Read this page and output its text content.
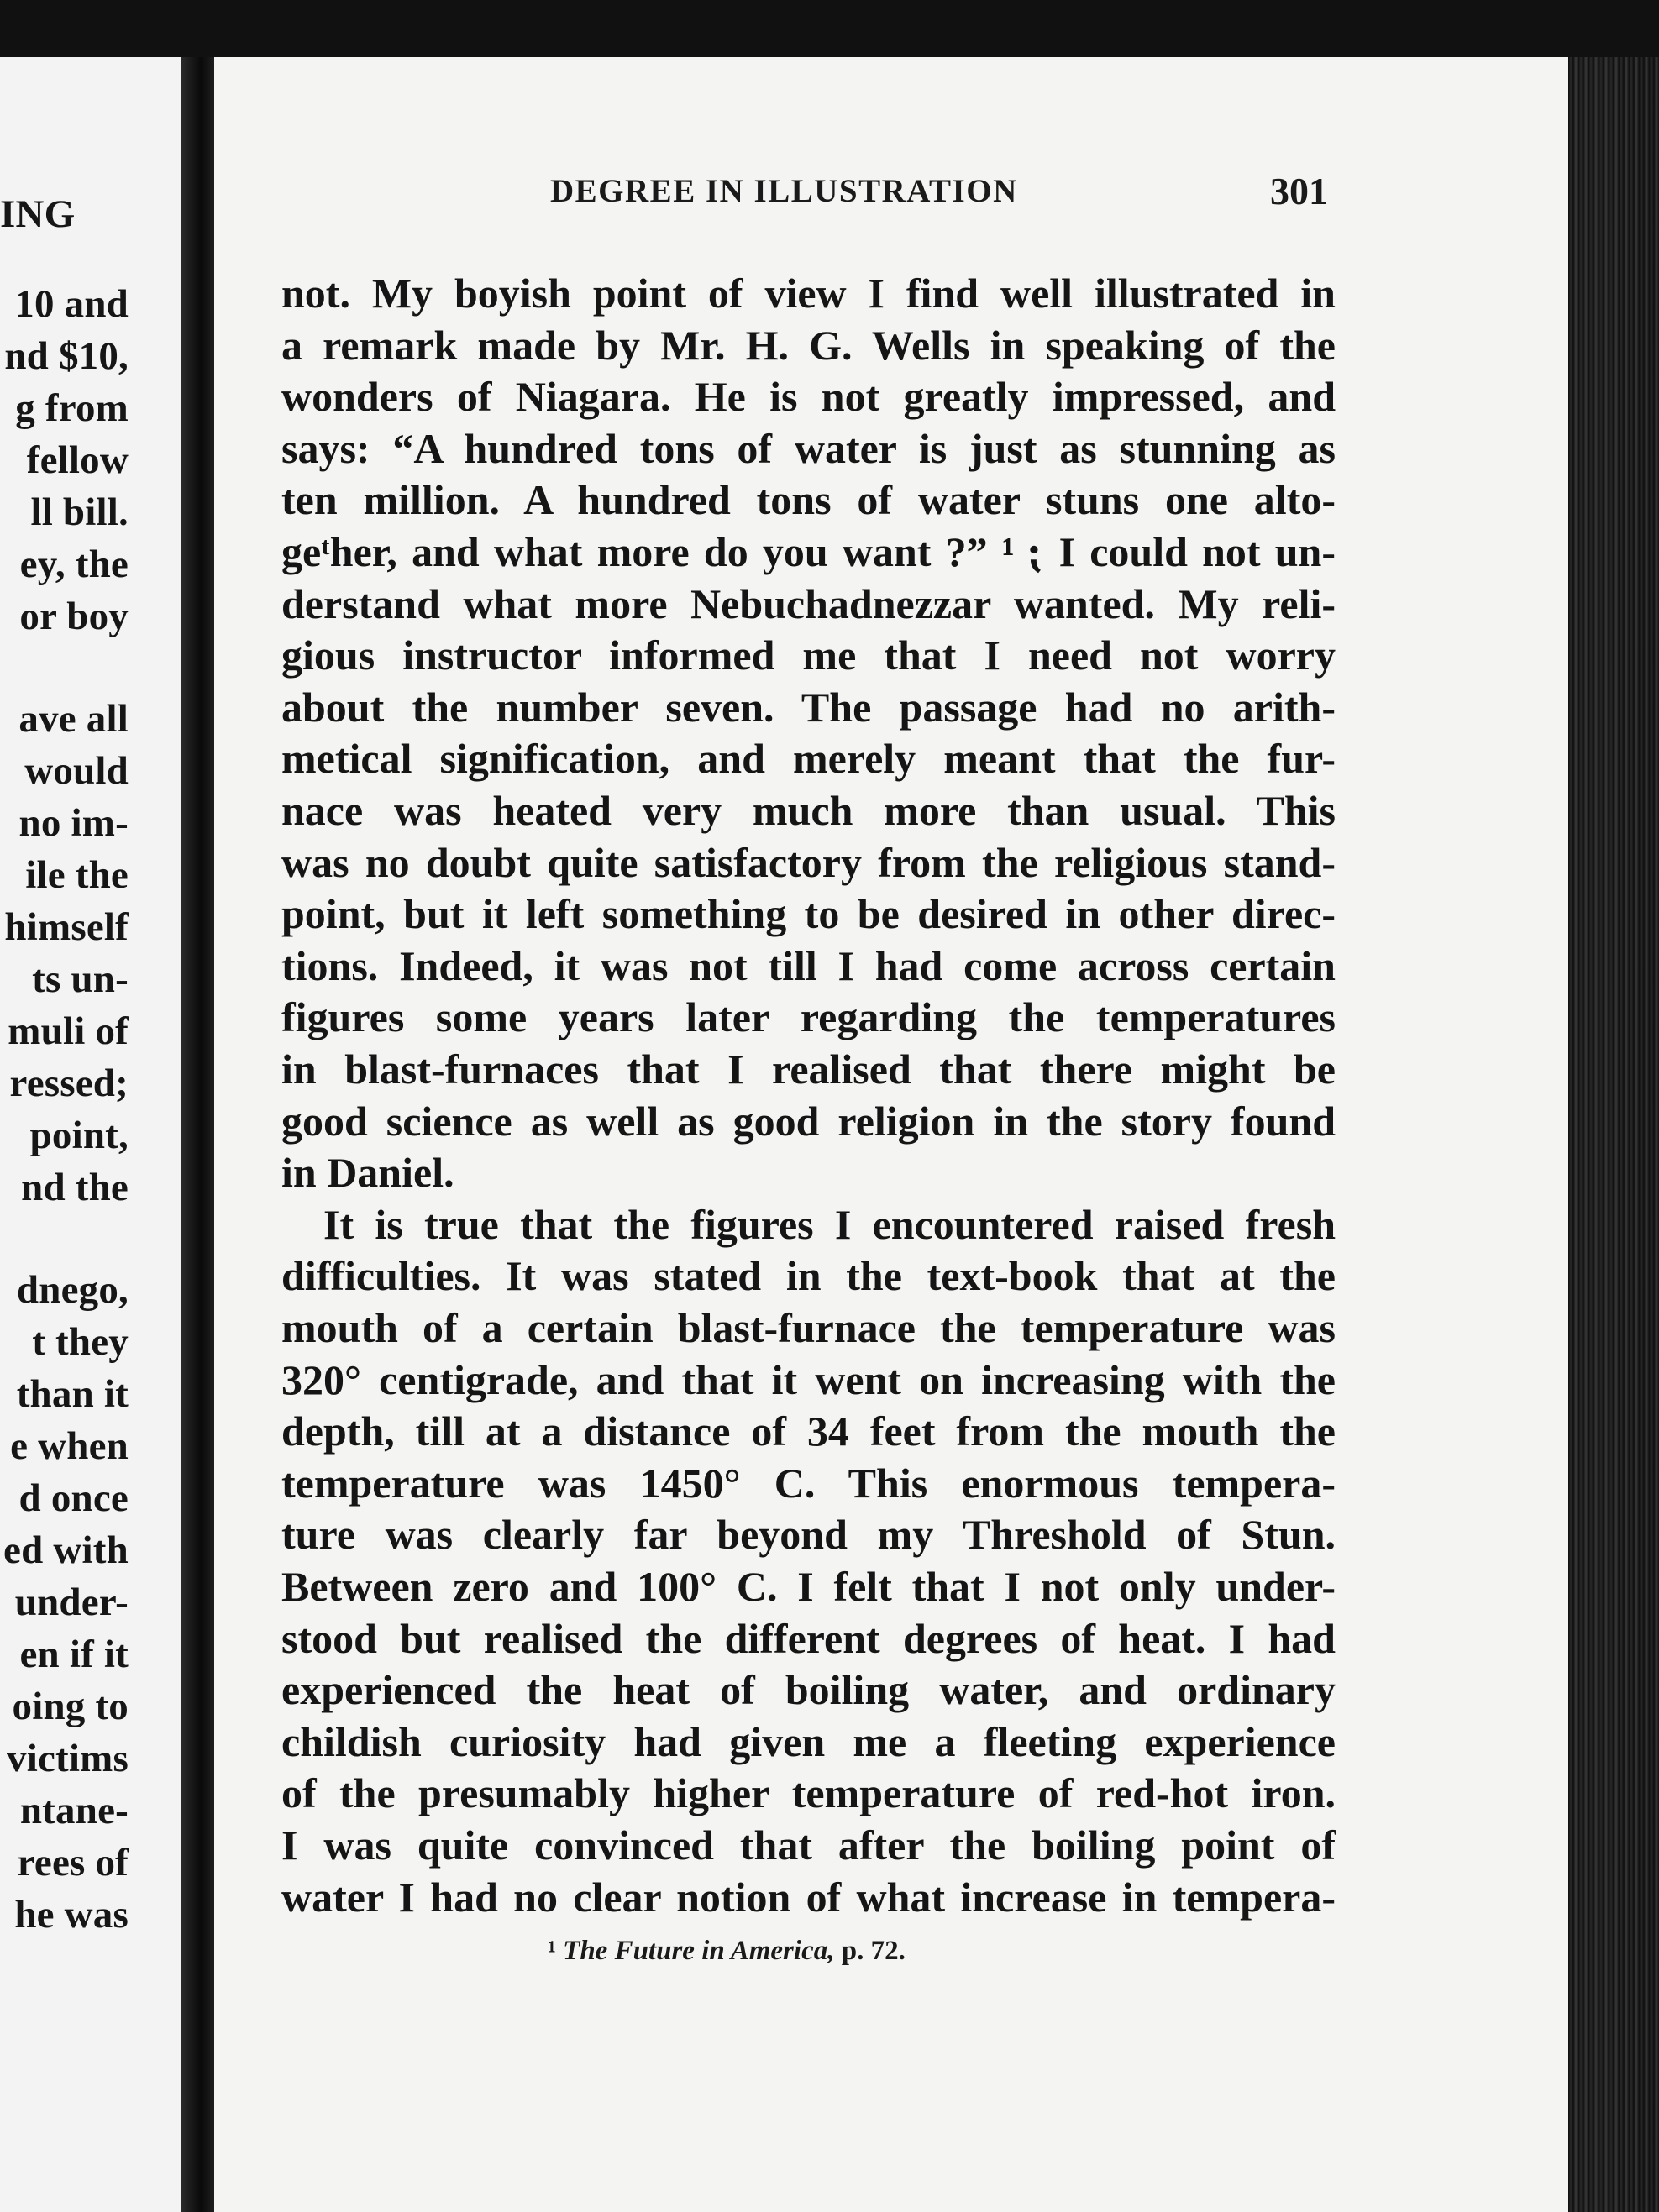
ING
10 and
nd $10,
g from
fellow
ll bill.
ey, the
or boy
ave all
would
no im-
ile the
himself
ts un-
muli of
ressed;
point,
nd the
dnego,
t they
than it
e when
d once
ed with
under-
en if it
oing to
victims
ntane-
rees of
he was
DEGREE IN ILLUSTRATION	301
not. My boyish point of view I find well illustrated in
a remark made by Mr. H. G. Wells in speaking of the
wonders of Niagara. He is not greatly impressed, and
says: “A hundred tons of water is just as stunning as
ten million. A hundred tons of water stuns one alto-
geᵗher, and what more do you want ?” ¹ ⁏ I could not un-
derstand what more Nebuchadnezzar wanted. My reli-
gious instructor informed me that I need not worry
about the number seven. The passage had no arith-
metical signification, and merely meant that the fur-
nace was heated very much more than usual. This
was no doubt quite satisfactory from the religious stand-
point, but it left something to be desired in other direc-
tions. Indeed, it was not till I had come across certain
figures some years later regarding the temperatures
in blast-furnaces that I realised that there might be
good science as well as good religion in the story found
in Daniel.
It is true that the figures I encountered raised fresh
difficulties. It was stated in the text-book that at the
mouth of a certain blast-furnace the temperature was
320° centigrade, and that it went on increasing with the
depth, till at a distance of 34 feet from the mouth the
temperature was 1450° C. This enormous tempera-
ture was clearly far beyond my Threshold of Stun.
Between zero and 100° C. I felt that I not only under-
stood but realised the different degrees of heat. I had
experienced the heat of boiling water, and ordinary
childish curiosity had given me a fleeting experience
of the presumably higher temperature of red-hot iron.
I was quite convinced that after the boiling point of
water I had no clear notion of what increase in tempera-
¹ The Future in America, p. 72.
